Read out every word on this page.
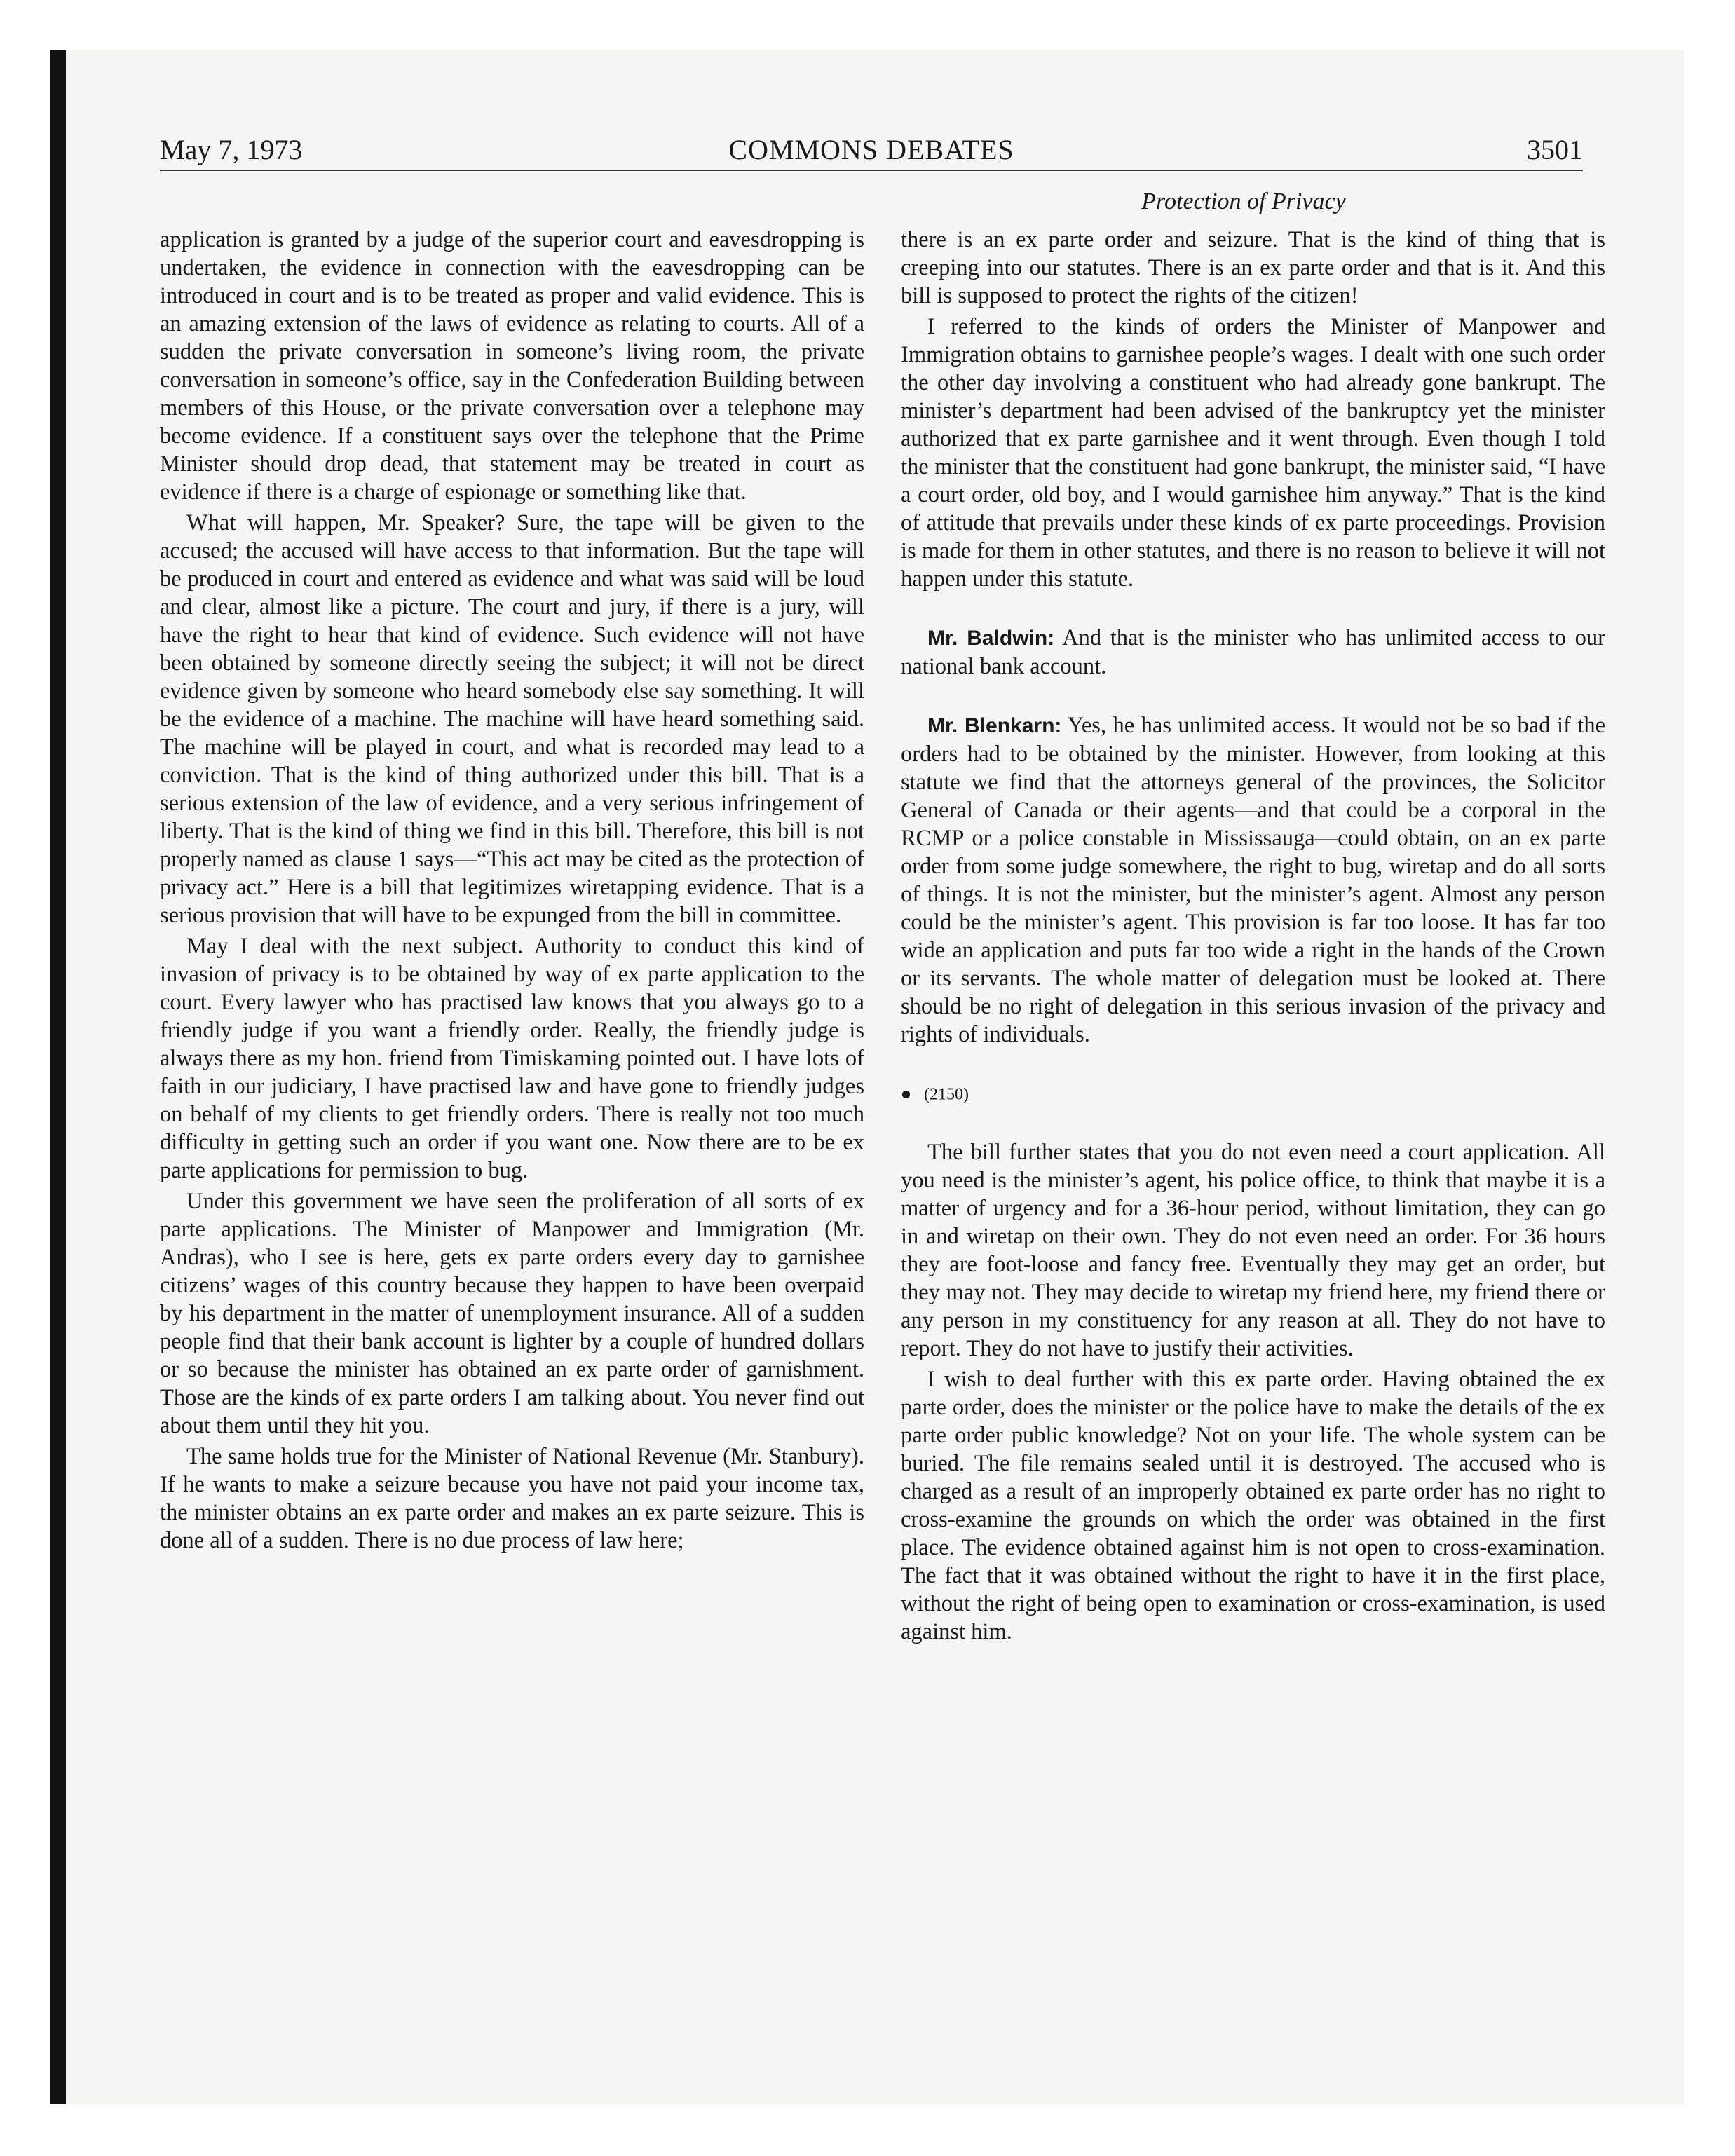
May 7, 1973	COMMONS DEBATES	3501
Protection of Privacy

application is granted by a judge of the superior court and eavesdropping is undertaken, the evidence in connection with the eavesdropping can be introduced in court and is to be treated as proper and valid evidence. This is an amazing extension of the laws of evidence as relating to courts. All of a sudden the private conversation in someone’s living room, the private conversation in someone’s office, say in the Confederation Building between members of this House, or the private conversation over a telephone may become evidence. If a constituent says over the telephone that the Prime Minister should drop dead, that statement may be treated in court as evidence if there is a charge of espionage or something like that.

What will happen, Mr. Speaker? Sure, the tape will be given to the accused; the accused will have access to that information. But the tape will be produced in court and entered as evidence and what was said will be loud and clear, almost like a picture. The court and jury, if there is a jury, will have the right to hear that kind of evidence. Such evidence will not have been obtained by someone directly seeing the subject; it will not be direct evidence given by someone who heard somebody else say something. It will be the evidence of a machine. The machine will have heard something said. The machine will be played in court, and what is recorded may lead to a conviction. That is the kind of thing authorized under this bill. That is a serious extension of the law of evidence, and a very serious infringement of liberty. That is the kind of thing we find in this bill. Therefore, this bill is not properly named as clause 1 says—“This act may be cited as the protection of privacy act.” Here is a bill that legitimizes wiretapping evidence. That is a serious provision that will have to be expunged from the bill in committee.

May I deal with the next subject. Authority to conduct this kind of invasion of privacy is to be obtained by way of ex parte application to the court. Every lawyer who has practised law knows that you always go to a friendly judge if you want a friendly order. Really, the friendly judge is always there as my hon. friend from Timiskaming pointed out. I have lots of faith in our judiciary, I have practised law and have gone to friendly judges on behalf of my clients to get friendly orders. There is really not too much difficulty in getting such an order if you want one. Now there are to be ex parte applications for permission to bug.

Under this government we have seen the proliferation of all sorts of ex parte applications. The Minister of Manpower and Immigration (Mr. Andras), who I see is here, gets ex parte orders every day to garnishee citizens’ wages of this country because they happen to have been overpaid by his department in the matter of unemployment insurance. All of a sudden people find that their bank account is lighter by a couple of hundred dollars or so because the minister has obtained an ex parte order of garnishment. Those are the kinds of ex parte orders I am talking about. You never find out about them until they hit you.

The same holds true for the Minister of National Revenue (Mr. Stanbury). If he wants to make a seizure because you have not paid your income tax, the minister obtains an ex parte order and makes an ex parte seizure. This is done all of a sudden. There is no due process of law here;

there is an ex parte order and seizure. That is the kind of thing that is creeping into our statutes. There is an ex parte order and that is it. And this bill is supposed to protect the rights of the citizen!

I referred to the kinds of orders the Minister of Manpower and Immigration obtains to garnishee people’s wages. I dealt with one such order the other day involving a constituent who had already gone bankrupt. The minister’s department had been advised of the bankruptcy yet the minister authorized that ex parte garnishee and it went through. Even though I told the minister that the constituent had gone bankrupt, the minister said, “I have a court order, old boy, and I would garnishee him anyway.” That is the kind of attitude that prevails under these kinds of ex parte proceedings. Provision is made for them in other statutes, and there is no reason to believe it will not happen under this statute.

Mr. Baldwin: And that is the minister who has unlimited access to our national bank account.

Mr. Blenkarn: Yes, he has unlimited access. It would not be so bad if the orders had to be obtained by the minister. However, from looking at this statute we find that the attorneys general of the provinces, the Solicitor General of Canada or their agents—and that could be a corporal in the RCMP or a police constable in Mississauga—could obtain, on an ex parte order from some judge somewhere, the right to bug, wiretap and do all sorts of things. It is not the minister, but the minister’s agent. Almost any person could be the minister’s agent. This provision is far too loose. It has far too wide an application and puts far too wide a right in the hands of the Crown or its servants. The whole matter of delegation must be looked at. There should be no right of delegation in this serious invasion of the privacy and rights of individuals.

(2150)

The bill further states that you do not even need a court application. All you need is the minister’s agent, his police office, to think that maybe it is a matter of urgency and for a 36-hour period, without limitation, they can go in and wiretap on their own. They do not even need an order. For 36 hours they are foot-loose and fancy free. Eventually they may get an order, but they may not. They may decide to wiretap my friend here, my friend there or any person in my constituency for any reason at all. They do not have to report. They do not have to justify their activities.

I wish to deal further with this ex parte order. Having obtained the ex parte order, does the minister or the police have to make the details of the ex parte order public knowledge? Not on your life. The whole system can be buried. The file remains sealed until it is destroyed. The accused who is charged as a result of an improperly obtained ex parte order has no right to cross-examine the grounds on which the order was obtained in the first place. The evidence obtained against him is not open to cross-examination. The fact that it was obtained without the right to have it in the first place, without the right of being open to examination or cross-examination, is used against him.
